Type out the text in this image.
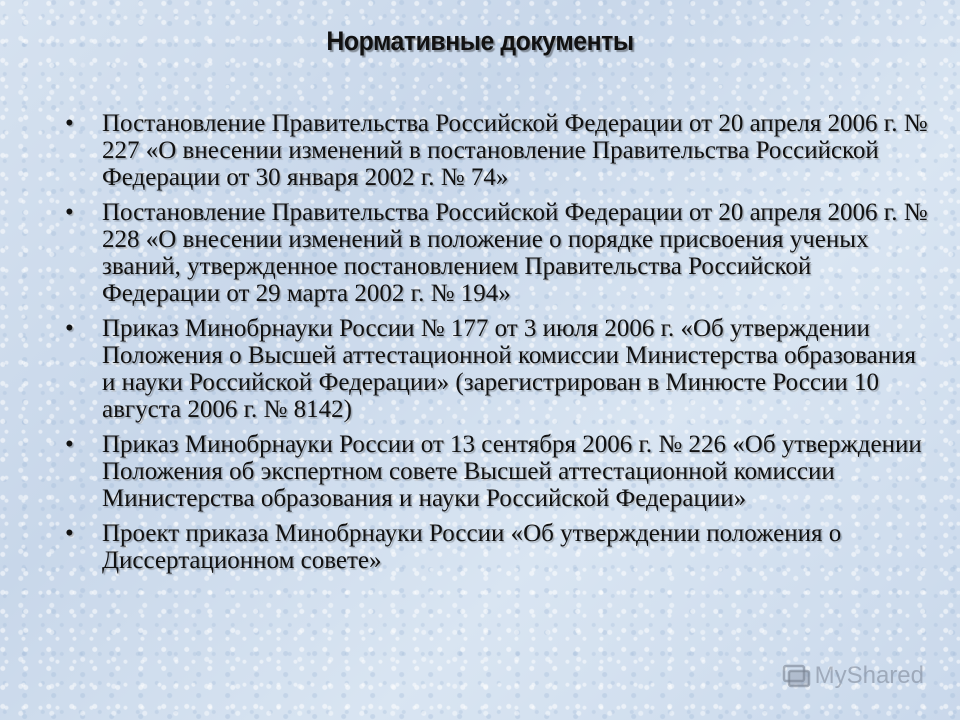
Нормативные документы
• Постановление Правительства Российской Федерации от 20 апреля 2006 г. № 227 «О внесении изменений в постановление Правительства Российской Федерации от 30 января 2002 г. № 74»
• Постановление Правительства Российской Федерации от 20 апреля 2006 г. № 228 «О внесении изменений в положение о порядке присвоения ученых званий, утвержденное постановлением Правительства Российской Федерации от 29 марта 2002 г. № 194»
• Приказ Минобрнауки России № 177 от 3 июля 2006 г. «Об утверждении Положения о Высшей аттестационной комиссии Министерства образования и науки Российской Федерации» (зарегистрирован в Минюсте России 10 августа 2006 г. № 8142)
• Приказ Минобрнауки России от 13 сентября 2006 г. № 226 «Об утверждении Положения об экспертном совете Высшей аттестационной комиссии Министерства образования и науки Российской Федерации»
• Проект приказа Минобрнауки России «Об утверждении положения о Диссертационном совете»
MyShared
